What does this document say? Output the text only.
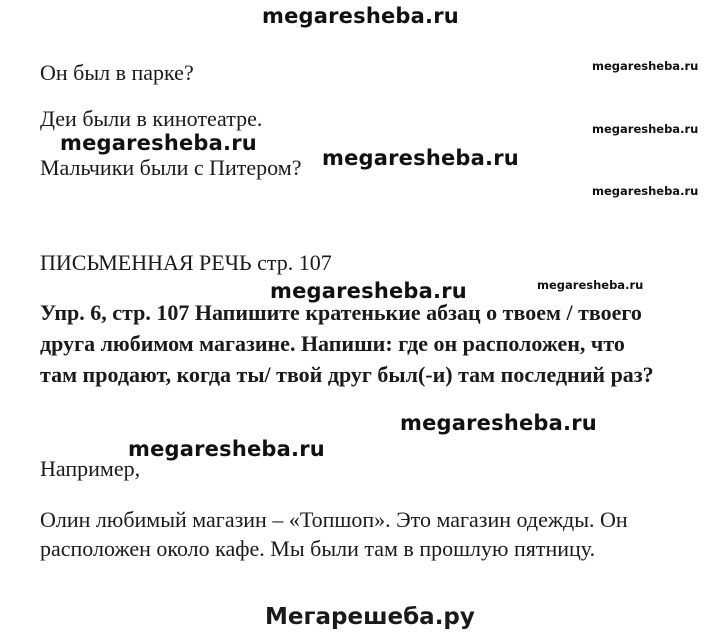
megaresheba.ru
Он был в парке?	megaresheba.ru
Деи были в кинотеатре.	megaresheba.ru
megaresheba.ru
Мальчики были с Питером? megaresheba.ru
megaresheba.ru
ПИСЬМЕННАЯ РЕЧЬ стр. 107
megaresheba.ru
megaresheba.ru
Упр. 6, стр. 107 Напишите кратенькие абзац о твоем / твоего
друга любимом магазине. Напиши: где он расположен, что
там продают, когда ты/ твой друг был(-и) там последний раз?
megaresheba.ru
megaresheba.ru
Например,
Олин любимый магазин – «Топшоп». Это магазин одежды. Он
расположен около кафе. Мы были там в прошлую пятницу.
Мегарешеба.ру
